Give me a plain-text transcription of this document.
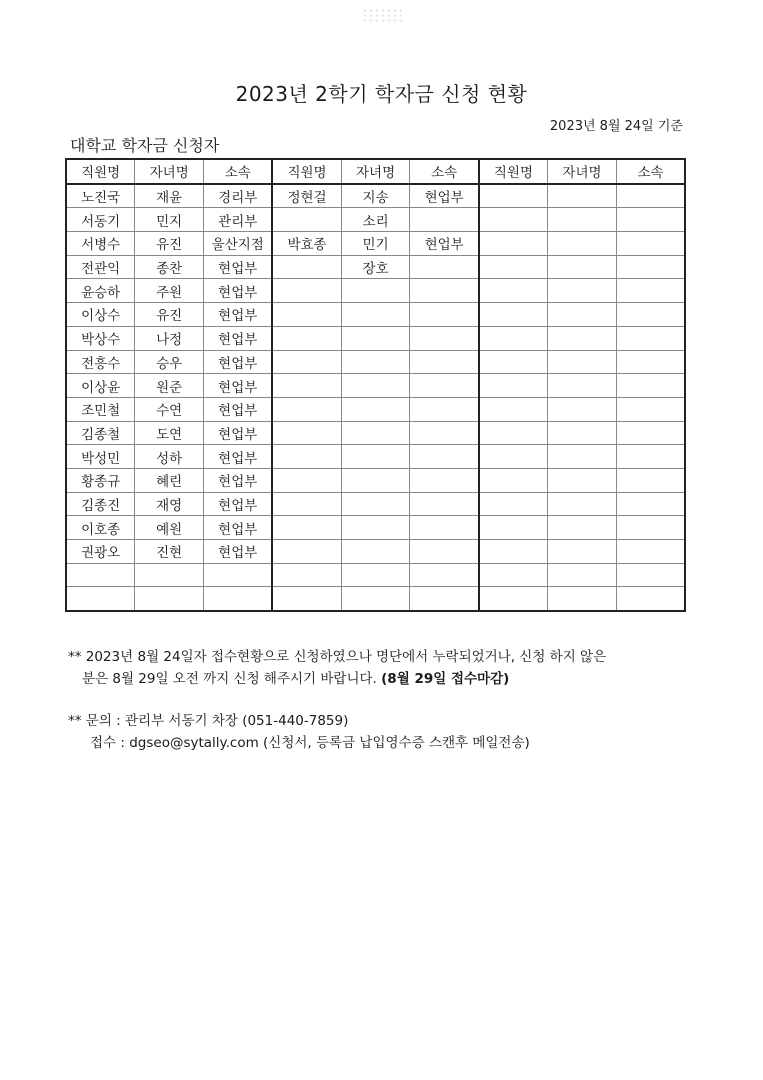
2023년 2학기 학자금 신청 현황
2023년 8월 24일 기준
대학교 학자금 신청자
직원명	자녀명	소속	직원명	자녀명	소속	직원명	자녀명	소속
노진국	재윤	경리부	정현걸	지송	현업부			
서동기	민지	관리부		소리				
서병수	유진	울산지점	박효종	민기	현업부			
전관익	종찬	현업부		장호				
윤승하	주원	현업부						
이상수	유진	현업부						
박상수	나정	현업부						
전흥수	승우	현업부						
이상윤	원준	현업부						
조민철	수연	현업부						
김종철	도연	현업부						
박성민	성하	현업부						
황종규	혜린	현업부						
김종진	재영	현업부						
이호종	예원	현업부						
권광오	진현	현업부						

** 2023년 8월 24일자 접수현황으로 신청하였으나 명단에서 누락되었거나, 신청 하지 않은
분은 8월 29일 오전 까지 신청 해주시기 바랍니다. (8월 29일 접수마감)
** 문의 : 관리부 서동기 차장 (051-440-7859)
접수 : dgseo@sytally.com (신청서, 등록금 납입영수증 스캔후 메일전송)
